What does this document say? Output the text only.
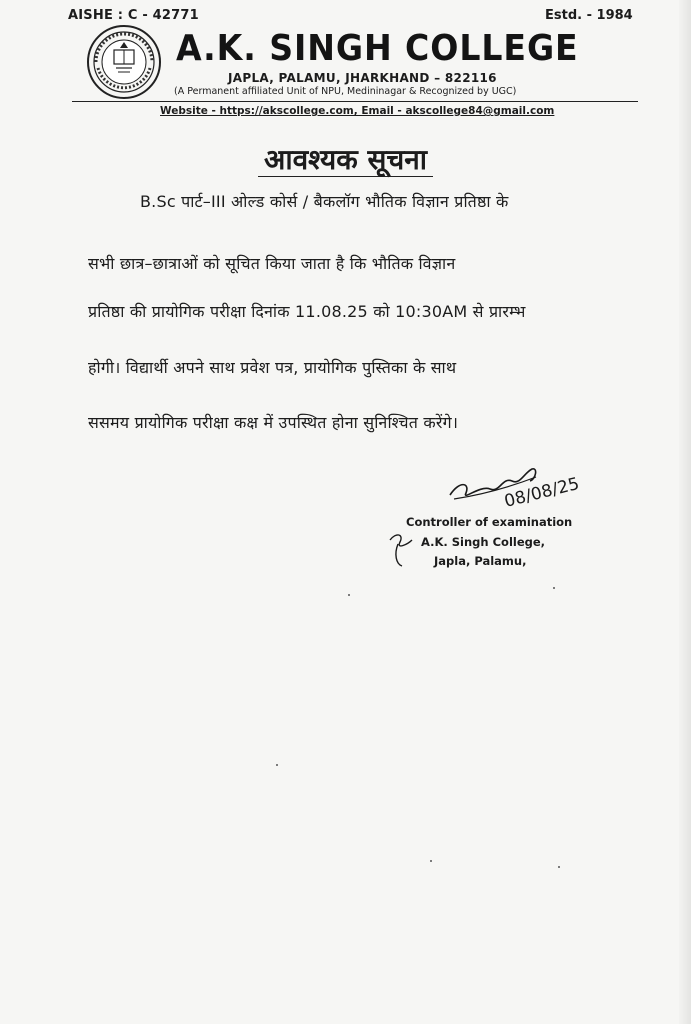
AISHE : C - 42771	Estd. - 1984
A.K. SINGH COLLEGE
JAPLA, PALAMU, JHARKHAND – 822116
(A Permanent affiliated Unit of NPU, Medininagar & Recognized by UGC)
Website - https://akscollege.com, Email - akscollege84@gmail.com
आवश्यक सूचना
B.Sc पार्ट–III ओल्ड कोर्स / बैकलॉग भौतिक विज्ञान प्रतिष्ठा के
सभी छात्र–छात्राओं को सूचित किया जाता है कि भौतिक विज्ञान
प्रतिष्ठा की प्रायोगिक परीक्षा दिनांक 11.08.25 को 10:30AM से प्रारम्भ
होगी। विद्यार्थी अपने साथ प्रवेश पत्र, प्रायोगिक पुस्तिका के साथ
ससमय प्रायोगिक परीक्षा कक्ष में उपस्थित होना सुनिश्चित करेंगे।
08/08/25
Controller of examination
A.K. Singh College,
Japla, Palamu,
